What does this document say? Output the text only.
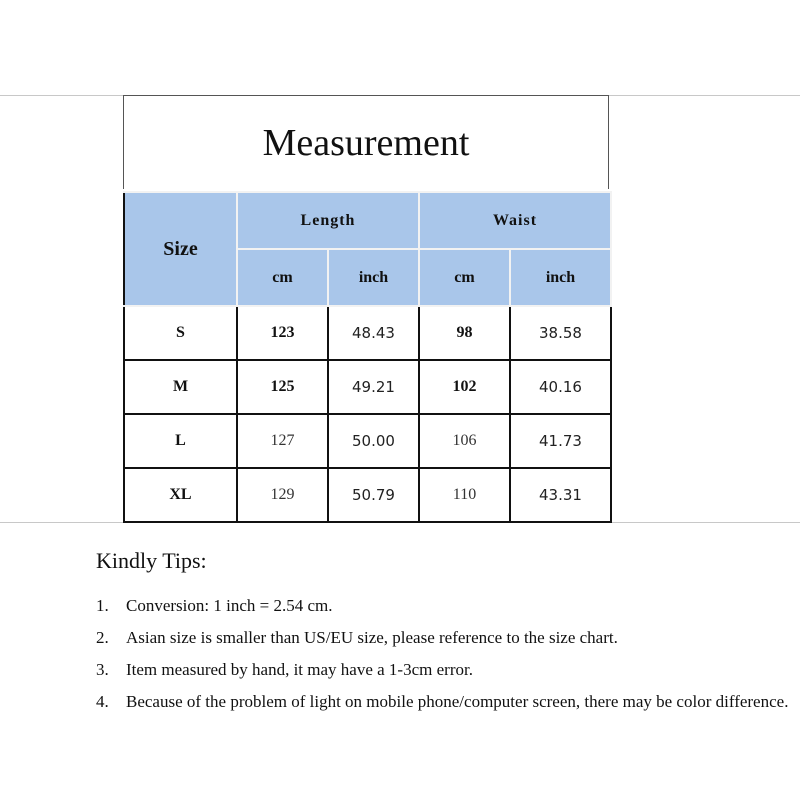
Measurement
Size	Length		Waist	
	cm	inch	cm	inch
S	123	48.43	98	38.58
M	125	49.21	102	40.16
L	127	50.00	106	41.73
XL	129	50.79	110	43.31
Kindly Tips:
1.	Conversion: 1 inch = 2.54 cm.
2.	Asian size is smaller than US/EU size, please reference to the size chart.
3.	Item measured by hand, it may have a 1-3cm error.
4.	Because of the problem of light on mobile phone/computer screen, there may be color difference.
